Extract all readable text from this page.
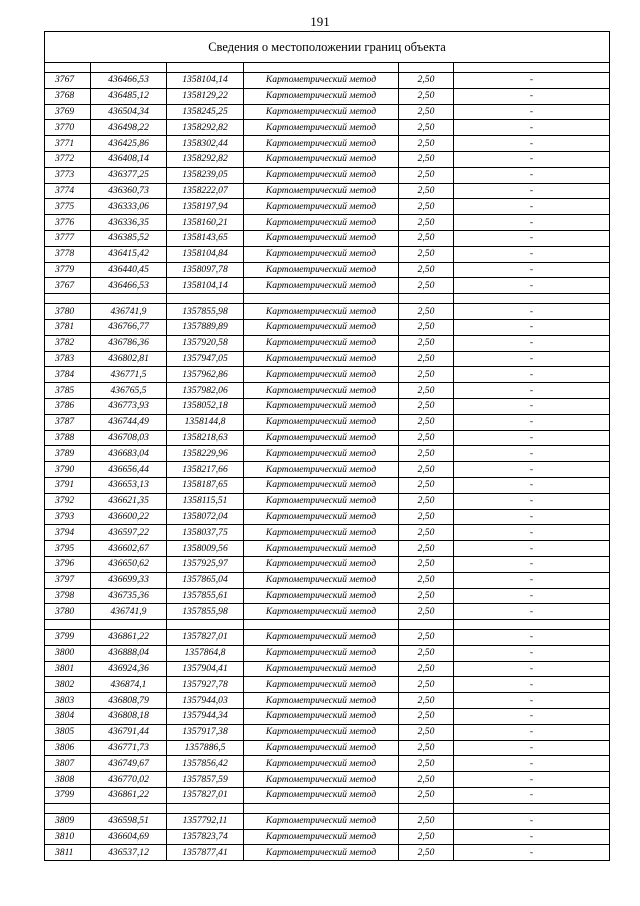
191
Сведения о местоположении границ объекта					

3767	436466,53	1358104,14	Картометрический метод	2,50	-
3768	436485,12	1358129,22	Картометрический метод	2,50	-
3769	436504,34	1358245,25	Картометрический метод	2,50	-
3770	436498,22	1358292,82	Картометрический метод	2,50	-
3771	436425,86	1358302,44	Картометрический метод	2,50	-
3772	436408,14	1358292,82	Картометрический метод	2,50	-
3773	436377,25	1358239,05	Картометрический метод	2,50	-
3774	436360,73	1358222,07	Картометрический метод	2,50	-
3775	436333,06	1358197,94	Картометрический метод	2,50	-
3776	436336,35	1358160,21	Картометрический метод	2,50	-
3777	436385,52	1358143,65	Картометрический метод	2,50	-
3778	436415,42	1358104,84	Картометрический метод	2,50	-
3779	436440,45	1358097,78	Картометрический метод	2,50	-
3767	436466,53	1358104,14	Картометрический метод	2,50	-

3780	436741,9	1357855,98	Картометрический метод	2,50	-
3781	436766,77	1357889,89	Картометрический метод	2,50	-
3782	436786,36	1357920,58	Картометрический метод	2,50	-
3783	436802,81	1357947,05	Картометрический метод	2,50	-
3784	436771,5	1357962,86	Картометрический метод	2,50	-
3785	436765,5	1357982,06	Картометрический метод	2,50	-
3786	436773,93	1358052,18	Картометрический метод	2,50	-
3787	436744,49	1358144,8	Картометрический метод	2,50	-
3788	436708,03	1358218,63	Картометрический метод	2,50	-
3789	436683,04	1358229,96	Картометрический метод	2,50	-
3790	436656,44	1358217,66	Картометрический метод	2,50	-
3791	436653,13	1358187,65	Картометрический метод	2,50	-
3792	436621,35	1358115,51	Картометрический метод	2,50	-
3793	436600,22	1358072,04	Картометрический метод	2,50	-
3794	436597,22	1358037,75	Картометрический метод	2,50	-
3795	436602,67	1358009,56	Картометрический метод	2,50	-
3796	436650,62	1357925,97	Картометрический метод	2,50	-
3797	436699,33	1357865,04	Картометрический метод	2,50	-
3798	436735,36	1357855,61	Картометрический метод	2,50	-
3780	436741,9	1357855,98	Картометрический метод	2,50	-

3799	436861,22	1357827,01	Картометрический метод	2,50	-
3800	436888,04	1357864,8	Картометрический метод	2,50	-
3801	436924,36	1357904,41	Картометрический метод	2,50	-
3802	436874,1	1357927,78	Картометрический метод	2,50	-
3803	436808,79	1357944,03	Картометрический метод	2,50	-
3804	436808,18	1357944,34	Картометрический метод	2,50	-
3805	436791,44	1357917,38	Картометрический метод	2,50	-
3806	436771,73	1357886,5	Картометрический метод	2,50	-
3807	436749,67	1357856,42	Картометрический метод	2,50	-
3808	436770,02	1357857,59	Картометрический метод	2,50	-
3799	436861,22	1357827,01	Картометрический метод	2,50	-

3809	436598,51	1357792,11	Картометрический метод	2,50	-
3810	436604,69	1357823,74	Картометрический метод	2,50	-
3811	436537,12	1357877,41	Картометрический метод	2,50	-
